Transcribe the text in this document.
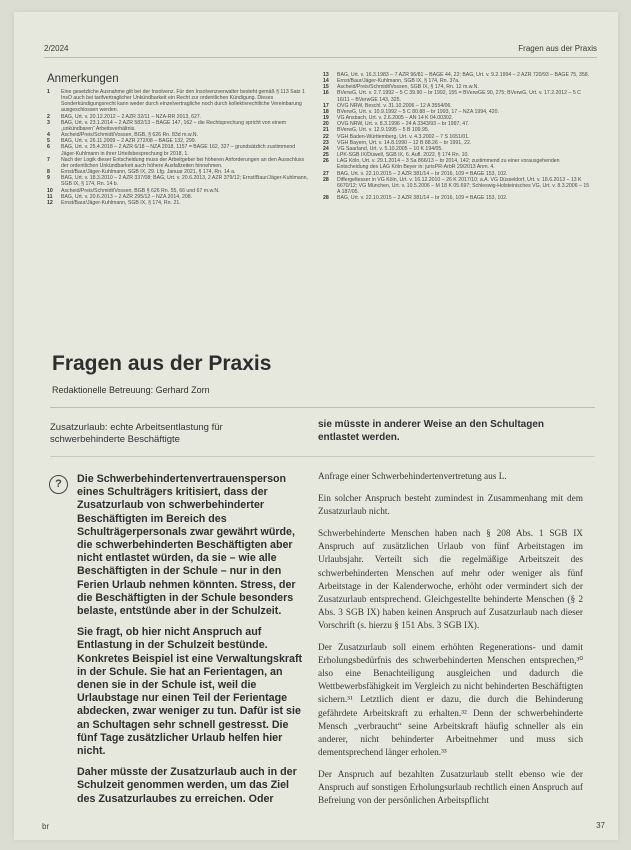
2/2024	Fragen aus der Praxis
Anmerkungen
1	Eine gesetzliche Ausnahme gilt bei der Insolvenz. Für den Insolvenzverwalter besteht gemäß § 113 Satz 1 InsO auch bei tarifvertraglicher Unkündbarkeit ein Recht zur ordentlichen Kündigung. Dieses Sonderkündigungsrecht kann weder durch einzelvertragliche noch durch kollektivrechtliche Vereinbarung ausgeschlossen werden.
2	BAG, Urt. v. 20.12.2012 – 2 AZR 32/11 – NZA-RR 2013, 627.
3	BAG, Urt. v. 23.1.2014 – 2 AZR 582/13 – BAGE 147, 162 – die Rechtsprechung spricht von einem „unkündbaren“ Arbeitsverhältnis.
4	Ascheid/Preis/Schmidt/Vossen, BGB, § 626 Rn. 83d m.w.N.
5	BAG, Urt. v. 26.11.2009 – 2 AZR 272/08 – BAGE 132, 299.
6	BAG, Urt. v. 25.4.2018 – 2 AZR 6/18 – NZA 2018, 1157 = BAGE 162, 327 – grundsätzlich zustimmend Jäger-Kuhlmann in ihrer Urteilsbesprechung br 2018, 1.
7	Nach der Logik dieser Entscheidung muss der Arbeitgeber bei höheren Anforderungen an den Ausschluss der ordentlichen Unkündbarkeit auch höhere Ausfallzeiten hinnehmen.
8	Ernst/Baur/Jäger-Kuhlmann, SGB IX, 29. Lfg. Januar 2021, § 174, Rn. 14 a.
9	BAG, Urt. v. 18.3.2010 – 2 AZR 337/08; BAG, Urt. v. 20.6.2013, 2 AZR 379/12; Ernst/Baur/Jäger-Kuhlmann, SGB IX, § 174, Rn. 14 b.
10	Ascheid/Preis/Schmidt/Vossen, BGB § 626 Rn. 55, 66 und 67 m.w.N.
11	BAG, Urt. v. 20.6.2013 – 2 AZR 295/12 – NZA 2014, 208.
12	Ernst/Baur/Jäger-Kuhlmann, SGB IX, § 174, Rn. 21.
13	BAG, Urt. v. 16.3.1983 – 7 AZR 96/81 – BAGE 44, 22; BAG, Urt. v. 9.2.1994 – 2 AZR 720/93 – BAGE 75, 358.
14	Ernst/Baur/Jäger-Kuhlmann, SGB IX, § 174, Rn. 37a.
15	Ascheid/Preis/Schmidt/Vossen, SGB IX, § 174, Rn. 12 m.w.N.
16	BVerwG, Urt. v. 2.7.1992 – 5 C 39.90 – br 1992, 155 = BVerwGE 90, 275; BVerwG, Urt. v. 17.2.2012 – 5 C 16/11 – BVerwGE 143, 325.
17	OVG NRW, Beschl. v. 31.10.2006 – 12 A 3554/06.
18	BVerwG, Urt. v. 10.9.1992 – 5 C 80.88 – br 1993, 17 – NZA 1994, 420.
19	VG Ansbach, Urt. v. 2.6.2005 – AN 14 K 04.00302.
20	OVG NRW, Urt. v. 8.3.1996 – 24 A 3343/93 – br 1997, 47.
21	BVerwG, Urt. v. 12.9.1995 – 5 B 109.95.
22	VGH Baden-Württemberg, Urt. v. 4.3.2002 – 7 S 1651/01.
23	VGH Bayern, Urt. v. 14.8.1990 – 12 B 88.26 – br 1991, 22.
24	VG Saarland, Urt. v. 5.10.2005 – 10 K 194/05.
25	LPK-SGB IX/Düwell, SGB IX, 6. Aufl. 2022, § 174 Rn. 10.
26	LAG Köln, Urt. v. 29.1.2014 – 3 Sa 866/13 – br 2014, 142; zustimmend zu einer vorausgehenden Entscheidung des LAG Köln Beyer in: jurisPR-ArbR 29/2013 Anm. 4.
27	BAG, Urt. v. 22.10.2015 – 2 AZR 381/14 – br 2016, 109 = BAGE 153, 102.
28	Differgeltesser in VG Köln, Urt. v. 16.12.2010 – 26 K 2017/10; a.A. VG Düsseldorf, Urt. v. 18.6.2013 – 13 K 6670/12; VG München, Urt. v. 10.5.2006 – M 18 K 05.697; Schleswig-Holsteinisches VG, Urt. v. 8.3.2006 – 15 A 187/05.
28	BAG, Urt. v. 22.10.2015 – 2 AZR 381/14 – br 2016, 109 = BAGE 153, 102.
Fragen aus der Praxis
Redaktionelle Betreuung: Gerhard Zorn
Zusatzurlaub: echte Arbeitsentlastung für schwerbehinderte Beschäftigte
sie müsste in anderer Weise an den Schultagen entlastet werden.
?	Die Schwerbehindertenvertrauensperson eines Schulträgers kritisiert, dass der Zusatzurlaub von schwerbehinderter Beschäftigten im Bereich des Schulträgerpersonals zwar gewährt würde, die schwerbehinderten Beschäftigten aber nicht entlastet würden, da sie – wie alle Beschäftigten in der Schule – nur in den Ferien Urlaub nehmen könnten. Stress, der die Beschäftigten in der Schule besonders belaste, entstünde aber in der Schulzeit.

Sie fragt, ob hier nicht Anspruch auf Entlastung in der Schulzeit bestünde. Konkretes Beispiel ist eine Verwaltungskraft in der Schule. Sie hat an Ferientagen, an denen sie in der Schule ist, weil die Urlaubstage nur einen Teil der Ferientage abdecken, zwar weniger zu tun. Dafür ist sie an Schultagen sehr schnell gestresst. Die fünf Tage zusätzlicher Urlaub helfen hier nicht.

Daher müsste der Zusatzurlaub auch in der Schulzeit genommen werden, um das Ziel des Zusatzurlaubes zu erreichen. Oder

Anfrage einer Schwerbehindertenvertretung aus L.

Ein solcher Anspruch besteht zumindest in Zusammenhang mit dem Zusatzurlaub nicht.

Schwerbehinderte Menschen haben nach § 208 Abs. 1 SGB IX Anspruch auf zusätzlichen Urlaub von fünf Arbeitstagen im Urlaubsjahr. Verteilt sich die regelmäßige Arbeitszeit des schwerbehinderten Menschen auf mehr oder weniger als fünf Arbeitstage in der Kalenderwoche, erhöht oder vermindert sich der Zusatzurlaub entsprechend. Gleichgestellte behinderte Menschen (§ 2 Abs. 3 SGB IX) haben keinen Anspruch auf Zusatzurlaub nach dieser Vorschrift (s. hierzu § 151 Abs. 3 SGB IX).

Der Zusatzurlaub soll einem erhöhten Regenerations- und damit Erholungsbedürfnis des schwerbehinderten Menschen entsprechen,³⁰ also eine Benachteiligung ausgleichen und dadurch die Wettbewerbsfähigkeit im Vergleich zu nicht behinderten Beschäftigten sichern.³¹ Letztlich dient er dazu, die durch die Behinderung gefährdete Arbeitskraft zu erhalten.³² Denn der schwerbehinderte Mensch „verbraucht“ seine Arbeitskraft häufig schneller als ein anderer, nicht behinderter Arbeitnehmer und muss sich dementsprechend länger erholen.³³

Der Anspruch auf bezahlten Zusatzurlaub stellt ebenso wie der Anspruch auf sonstigen Erholungsurlaub rechtlich einen Anspruch auf Befreiung von der persönlichen Arbeitspflicht

br	37
